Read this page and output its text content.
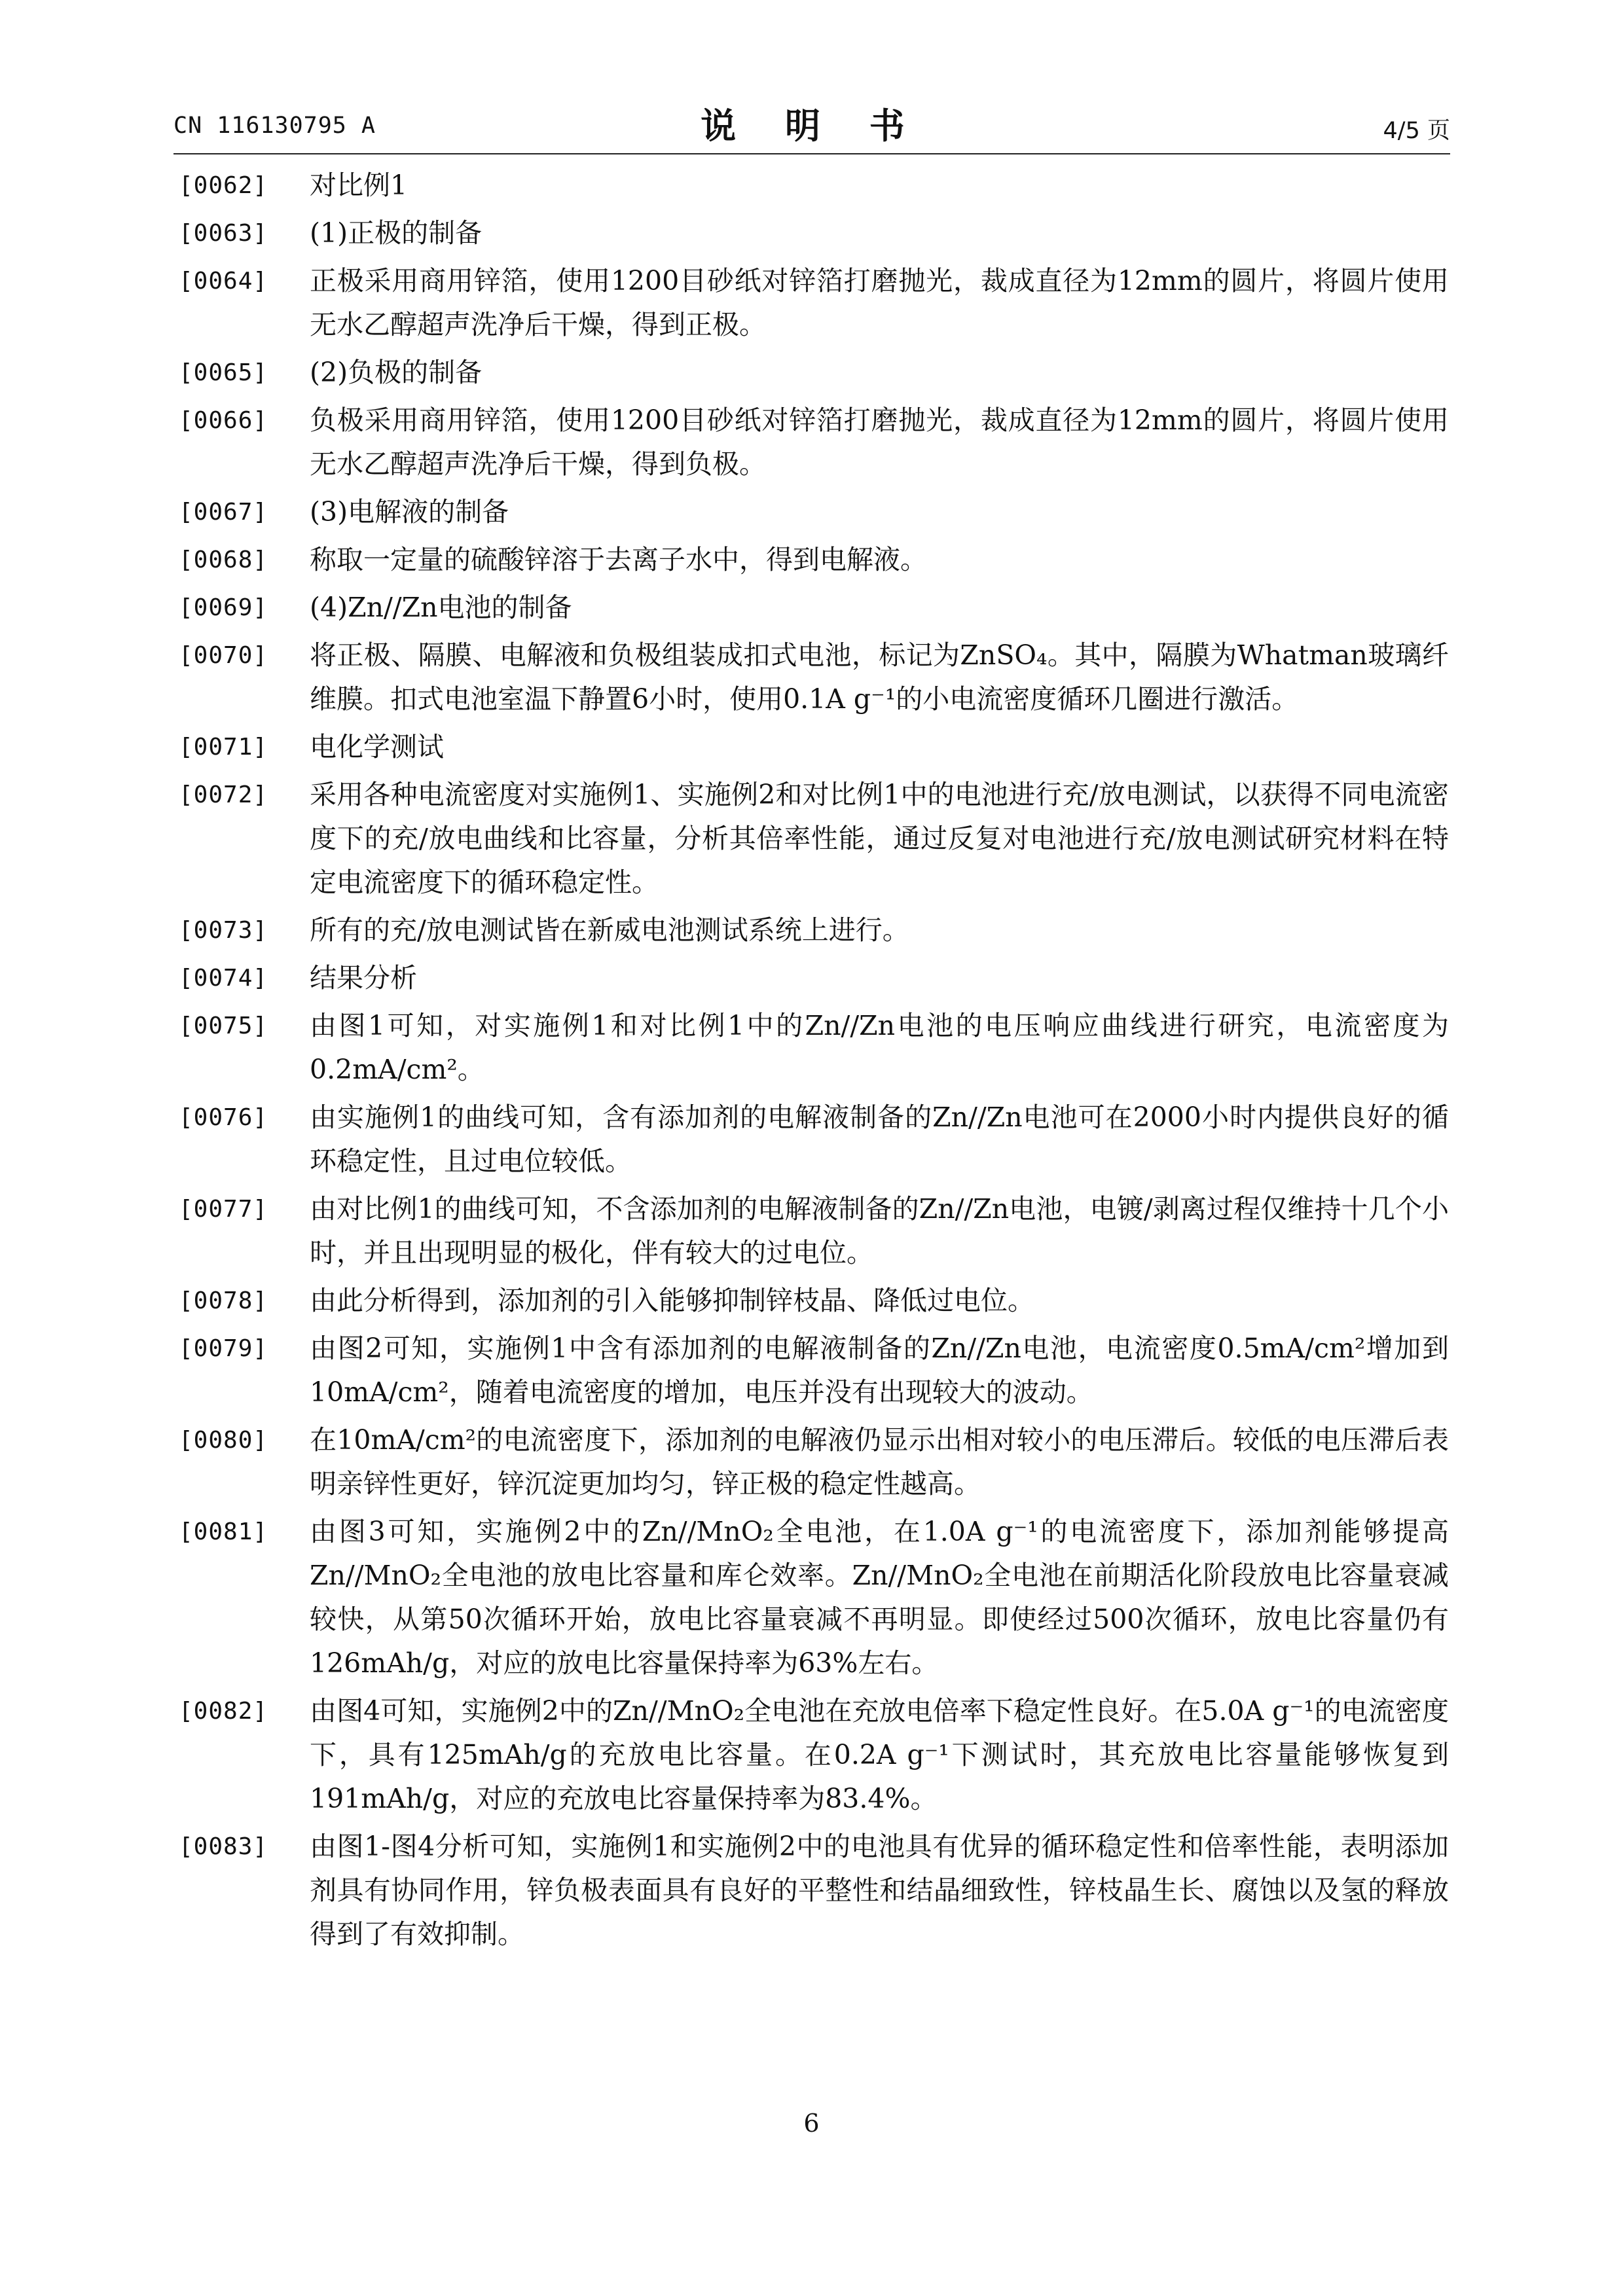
CN 116130795 A	说 明 书	4/5 页
[0062] 对比例1
[0063] (1)正极的制备
[0064] 正极采用商用锌箔，使用1200目砂纸对锌箔打磨抛光，裁成直径为12mm的圆片，将圆片使用无水乙醇超声洗净后干燥，得到正极。
[0065] (2)负极的制备
[0066] 负极采用商用锌箔，使用1200目砂纸对锌箔打磨抛光，裁成直径为12mm的圆片，将圆片使用无水乙醇超声洗净后干燥，得到负极。
[0067] (3)电解液的制备
[0068] 称取一定量的硫酸锌溶于去离子水中，得到电解液。
[0069] (4)Zn//Zn电池的制备
[0070] 将正极、隔膜、电解液和负极组装成扣式电池，标记为ZnSO₄。其中，隔膜为Whatman玻璃纤维膜。扣式电池室温下静置6小时，使用0.1A g⁻¹的小电流密度循环几圈进行激活。
[0071] 电化学测试
[0072] 采用各种电流密度对实施例1、实施例2和对比例1中的电池进行充/放电测试，以获得不同电流密度下的充/放电曲线和比容量，分析其倍率性能，通过反复对电池进行充/放电测试研究材料在特定电流密度下的循环稳定性。
[0073] 所有的充/放电测试皆在新威电池测试系统上进行。
[0074] 结果分析
[0075] 由图1可知，对实施例1和对比例1中的Zn//Zn电池的电压响应曲线进行研究，电流密度为0.2mA/cm²。
[0076] 由实施例1的曲线可知，含有添加剂的电解液制备的Zn//Zn电池可在2000小时内提供良好的循环稳定性，且过电位较低。
[0077] 由对比例1的曲线可知，不含添加剂的电解液制备的Zn//Zn电池，电镀/剥离过程仅维持十几个小时，并且出现明显的极化，伴有较大的过电位。
[0078] 由此分析得到，添加剂的引入能够抑制锌枝晶、降低过电位。
[0079] 由图2可知，实施例1中含有添加剂的电解液制备的Zn//Zn电池，电流密度0.5mA/cm²增加到10mA/cm²，随着电流密度的增加，电压并没有出现较大的波动。
[0080] 在10mA/cm²的电流密度下，添加剂的电解液仍显示出相对较小的电压滞后。较低的电压滞后表明亲锌性更好，锌沉淀更加均匀，锌正极的稳定性越高。
[0081] 由图3可知，实施例2中的Zn//MnO₂全电池，在1.0A g⁻¹的电流密度下，添加剂能够提高Zn//MnO₂全电池的放电比容量和库仑效率。Zn//MnO₂全电池在前期活化阶段放电比容量衰减较快，从第50次循环开始，放电比容量衰减不再明显。即使经过500次循环，放电比容量仍有126mAh/g，对应的放电比容量保持率为63%左右。
[0082] 由图4可知，实施例2中的Zn//MnO₂全电池在充放电倍率下稳定性良好。在5.0A g⁻¹的电流密度下，具有125mAh/g的充放电比容量。在0.2A g⁻¹下测试时，其充放电比容量能够恢复到191mAh/g，对应的充放电比容量保持率为83.4%。
[0083] 由图1-图4分析可知，实施例1和实施例2中的电池具有优异的循环稳定性和倍率性能，表明添加剂具有协同作用，锌负极表面具有良好的平整性和结晶细致性，锌枝晶生长、腐蚀以及氢的释放得到了有效抑制。
6
